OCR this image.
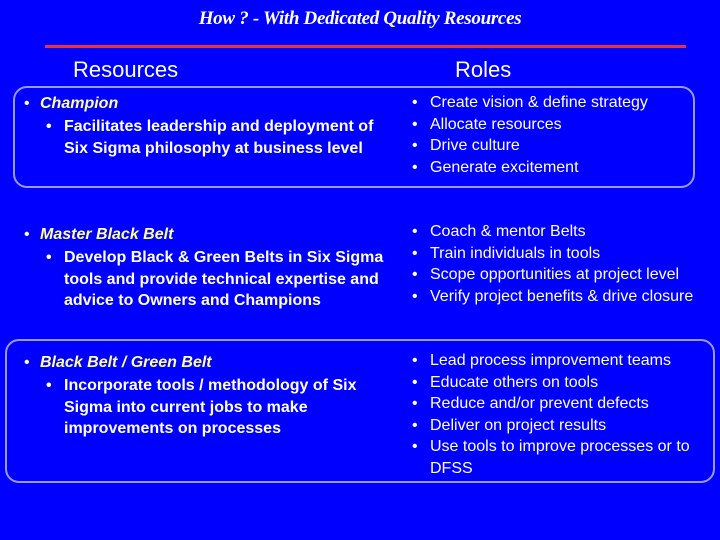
How ? - With Dedicated Quality Resources
Resources	Roles
• Champion
• Facilitates leadership and deployment of Six Sigma philosophy at business level
• Create vision & define strategy
• Allocate resources
• Drive culture
• Generate excitement
• Master Black Belt
• Develop Black & Green Belts in Six Sigma tools and provide technical expertise and advice to Owners and Champions
• Coach & mentor Belts
• Train individuals in tools
• Scope opportunities at project level
• Verify project benefits & drive closure
• Black Belt / Green Belt
• Incorporate tools / methodology of Six Sigma into current jobs to make improvements on processes
• Lead process improvement teams
• Educate others on tools
• Reduce and/or prevent defects
• Deliver on project results
• Use tools to improve processes or to DFSS
